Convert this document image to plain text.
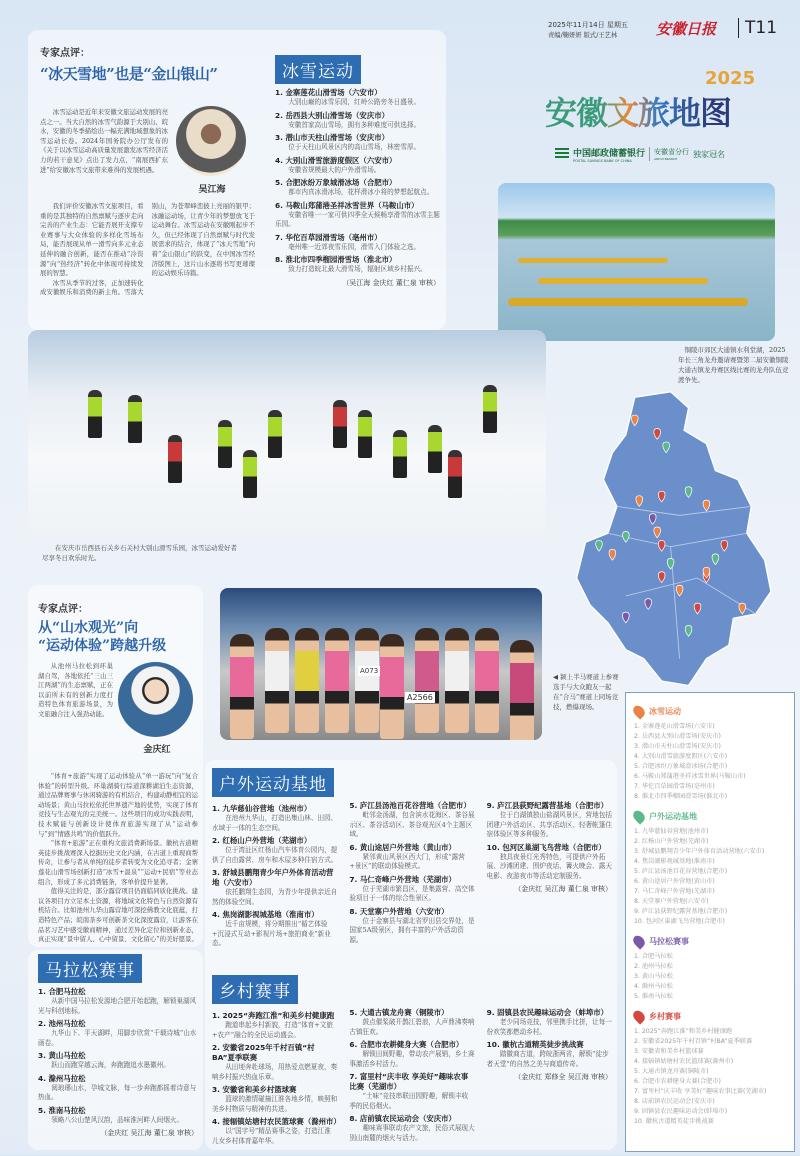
2025年11月14日 星期五
责编/鞠妍妍 版式/王艺林	安徽日报	T11
安徽文旅地图
2025
中国邮政储蓄银行
POSTAL SAVINGS BANK OF CHINA
安徽省分行
ANHUI BRANCH
独家冠名
专家点评：
“冰天雪地”也是“金山银山”
吴江海

冰雪运动是近年来安徽文旅运动发展的亮点之一。当大自然的冰雪气韵源于大别山、皖水，安徽的冬季描绘出一幅充满地域想象的冰雪运动长卷。2024年国务院办公厅发布的《关于以冰雪运动高质量发展激发冰雪经济活力的若干意见》点出了发力点，“南展西扩东进”给安徽冰雪文旅带来难得的发展机遇。

我们评价安徽冰雪文旅项目，看重的是其独特的自然禀赋与逐步走向完善的产业生态：它能否展开支撑专业赛事与大众体验的多样化雪场布局，能否展现从单一滑雪向多元业态延伸的融合创新，能否在推动“冷资源”向“热经济”转化中体现可持续发展的智慧。

冰雪从季节的过客，正加速转化成安徽娱乐和消费的新主角。雪落大别山，为苍翠峰峦披上亮丽的银甲；冰融运动场，让青少年的梦想放飞于运动舞台。冰雪运动在安徽刚起步不久，但已经体现了自然禀赋与时代发展需求的结合，体现了“冰天雪地”向着“金山银山”的跃变，在中国冰雪经济版图上，这片山水逐将书写更璀璨的运动娱乐诗篇。

冰雪运动
1. 金寨莲花山滑雪场（六安市）
大别山巅的冰雪乐园，红岭公路旁冬日盛景。
2. 岳西县大别山滑雪场（安庆市）
安徽首家高山雪场，拥有多种难度可供选择。
3. 潜山市天柱山滑雪场（安庆市）
位于天柱山风景区内的高山雪场，林密雪厚。
4. 大别山滑雪旅游度假区（六安市）
安徽省规模最大的户外滑雪场。
5. 合肥冰纷万象城滑冰场（合肥市）
都市内真冰滑冰场，花样滑冰小将的梦想起航点。
6. 马鞍山郑蒲港圣祥冰雪世界（马鞍山市）
安徽省唯一一家可供四季全天候畅享滑雪的冰雪主题乐园。
7. 华佗百草园滑雪场（亳州市）
亳州唯一近郊夜雪乐园，滑雪入门体验之选。
8. 淮北市四季榴园滑雪场（淮北市）
致力打造皖北最大滑雪场，辐射区域乡村振兴。
（吴江海 金庆红 董仁泉 审核）
铜陵市郊区大通镇水利堂湖，2025年长三角龙舟邀请赛暨第二届安徽铜陵大通古镇龙舟赛区线比赛的龙舟队伍竞渡争先。
在安庆市岳西县石关乡石关村大别山滑雪乐园，冰雪运动爱好者尽享冬日欢乐时光。
专家点评：
从“山水观光”向
“运动体验”跨越升级
金庆红

从池州马拉松到环巢湖自驾，各地依托“三山三江两湖”的生态禀赋，正在以前所未有的创新力度打造特色体育旅游场景，为文旅融合注入强劲动能。

“体育+旅游”实现了运动体验从“单一游玩”向“复合体验”的转型升级。环巢湖骑行综道深耕湖泊生态资源，通过品牌赛事与休闲骑游的有机结合，构建动静相宜的运动场景；黄山马拉松依托世界遗产地的优势，实现了体育竞技与生态观光的完美统一。这些项目的成功实践表明，技术赋能与创新设计使体育旅游实现了从“运动参与”到“情感共鸣”的价值跃升。

“体育+旅游”正在重构文旅消费新场景。徽杭古道精英徒步挑战赛深入挖掘历史文化内涵，在古道上重现商帮传奇，让参与者从单纯的徒步者转变为文化追寻者；金寨莲花山滑雪场创新打造“冰雪+温泉”“运动+民宿”等业态组合，形成了多元消费链条，客单价提升显著。

值得关注的是，部分露营项目仍面临同质化挑战。建议各项目方立足本土资源，将地域文化特色与自然资源有机结合。比如池州九华山露营地可深挖佛教文化底蕴，打造特色产品；皖南茶乡可创新茶文化深度露营，让游客在品茗习艺中感受徽商精神，通过差异化定位和创新业态，真正实现“景中留人、心中留景、文化留心”的美好愿景。

A073
A2566
◀ 颍上半马赛道上参赛选手与大众跑友一起在“合马”赛道上同场竞技，燃爆现场。	冰雪运动
1. 金寨莲花山滑雪场(六安市)
2. 岳西县大别山滑雪场(安庆市)
3. 潜山市天柱山滑雪场(安庆市)
4. 大别山滑雪旅游度假区(六安市)
5. 合肥冰纷万象城滑冰场(合肥市)
6. 马鞍山郑蒲港圣祥冰雪世界(马鞍山市)
7. 华佗百草园滑雪场(亳州市)
8. 淮北市四季榴园滑雪场(淮北市)
户外运动基地
1. 九华慈仙谷营地(池州市)
2. 红杨山户外营地(芜湖市)
3. 舒城县鹏翔青少年户外体育活动营地(六安市)
4. 焦岗湖影视城基地(淮南市)
5. 庐江县汤池百花谷营地(合肥市)
6. 黄山途居户外营地(黄山市)
7. 马仁奇峰户外营地(芜湖市)
8. 天堂寨户外营地(六安市)
9. 庐江县荻野纪露营基地(合肥市)
10. 包河区巢湖飞鸟营地(合肥市)
马拉松赛事
1. 合肥马拉松
2. 池州马拉松
3. 黄山马拉松
4. 滁州马拉松
5. 淮南马拉松
乡村赛事
1. 2025“奔跑江淮”和美乡村健康跑
2. 安徽省2025年千村百镇“村BA”夏季联赛
3. 安徽省和美乡村篮球赛
4. 接辐镇姑塘村农民篮球赛(滁州市)
5. 大通古镇龙舟赛(铜陵市)
6. 合肥市农耕健身大赛(合肥市)
7. 富里村“庆丰收 享美好”趣味农事比赛(芜湖市)
8. 店前镇农民运动会(安庆市)
9. 固镇县农民趣味运动会(蚌埠市)
10. 徽杭古道精英徒步挑战赛
户外运动基地
1. 九华慈仙谷营地（池州市）
在池州九华山，打造出集山林、田园、水域于一体的生态空间。
2. 红杨山户外营地（芜湖市）
位于湾沚区红杨山汽车体育公园内，提供了自由露营、房车和木屋多种住宿方式。
3. 舒城县鹏翔青少年户外体育活动营地（六安市）
依托鹏翔生态园，为青少年提供亲近自然的体验空间。
4. 焦岗湖影视城基地（淮南市）
近千亩规模，将分期推出“循艺体验+沉浸式互动+影视片场+旅拍商业”新业态。
5. 庐江县汤池百花谷营地（合肥市）
毗邻金汤湖，包含滨水花海区、茶谷展示区、茶谷活动区、茶谷观光区4个主题区域。
6. 黄山途居户外营地（黄山市）
紧邻黄山风景区西大门，形成“露营+景区”的联动体验模式。
7. 马仁奇峰户外营地（芜湖市）
位于芜湖市繁昌区，是集露营、高空体验项目于一体的综合性景区。
8. 天堂寨户外营地（六安市）
位于金寨县与湖北省罗田县交界处，是国家5A级景区，拥有丰富的户外活动资源。
9. 庐江县荻野纪露营基地（合肥市）
位于白湖镇独山盐湖风景区，营地包括团建户外活动区、共享活动区、轻奢帐篷住宿体验区等多种服务。
10. 包河区巢湖飞鸟营地（合肥市）
独具夜景灯光秀特色，可提供户外拓展、沙滩团建、围炉夜话、篝火晚会、露天电影、夜游夜市等活动定制服务。
（金庆红 吴江海 董仁泉 审核）
乡村赛事
1. 2025“奔跑江淮”和美乡村健康跑
跑道串起乡村新貌，打造“体育+文旅+农产”融合的全民运动盛会。
2. 安徽省2025年千村百镇“村BA”夏季联赛
从田埂奔赴球场，用热爱点燃夏夜，奏响乡村振兴热血乐章。
3. 安徽省和美乡村篮球赛
篮球的激情碰撞江淮各地乡情，映照和美乡村物质与精神的共进。
4. 接辐镇姑塘村农民篮球赛（滁州市）
以“国字号”精品赛事之姿，打造江淮儿女乡村体育嘉年华。
5. 大通古镇龙舟赛（铜陵市）
鼓点催桨破开鹊江碧浪，人声鼎沸奏响古镇狂欢。
6. 合肥市农耕健身大赛（合肥市）
解锁田间野趣，带动农产展销，乡土赛事激活乡村活力。
7. 富里村“庆丰收 享美好”趣味农事比赛（芜湖市）
“土味”竞技串联田园野趣，解锁丰收季的民俗烟火。
8. 店前镇农民运动会（安庆市）
趣味赛事联动农产文旅，民俗式展现大别山南麓的烟火与活力。
9. 固镇县农民趣味运动会（蚌埠市）
老少同场竞技，邻里携手比拼，让每一份欢笑都燃动乡村。
10. 徽杭古道精英徒步挑战赛
踏徽商古道，跨皖浙两省，解锁“徒步者天堂”的自然之美与商道传奇。
（金庆红 郑修全 吴江海 审核）
马拉松赛事
1. 合肥马拉松
从新中国马拉松发源地合肥开始起跑，解锁巢湖风光与科创地标。
2. 池州马拉松
九华山下、平天湖畔，用脚步欣赏“千载诗城”山水画卷。
3. 黄山马拉松
跃山而跑穿越云海，奔跑跑追水墨徽州。
4. 滁州马拉松
阅琅琊山水，孕城文脉，每一步奔跑都摇着诗意与热血。
5. 淮南马拉松
领略八公山楚风汉韵，品味淮河畔人间烟火。
（金庆红 吴江海 董仁泉 审核）
